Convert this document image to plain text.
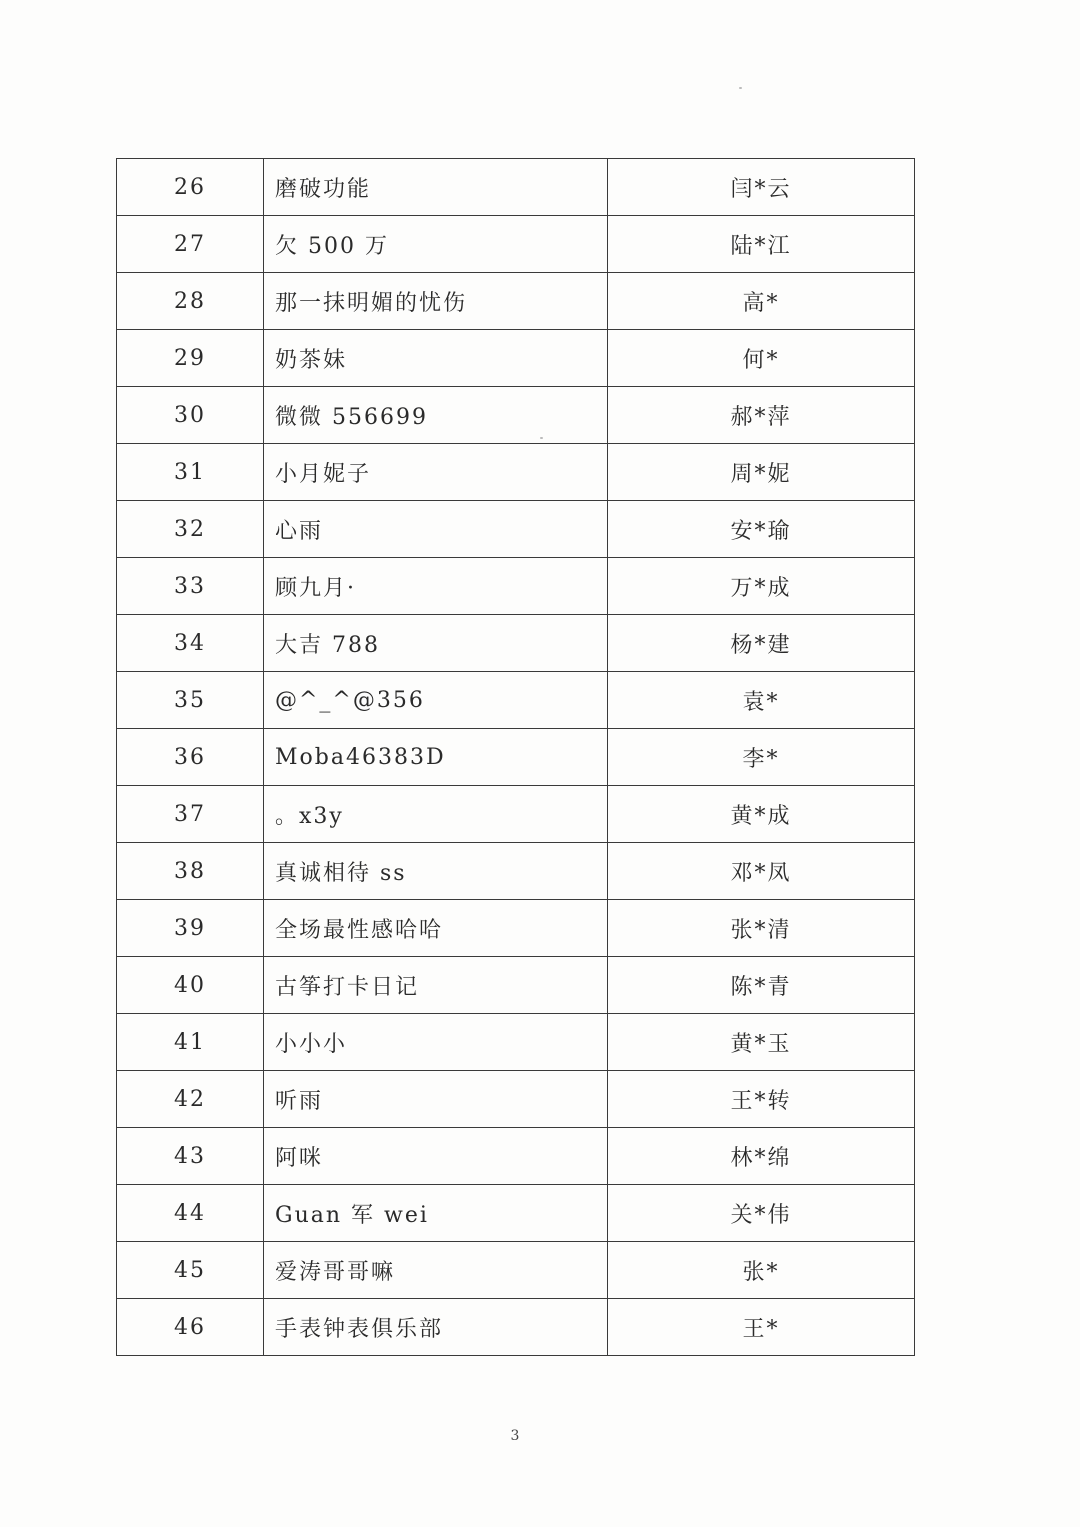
26	磨破功能	闫*云
27	欠 500 万	陆*江
28	那一抹明媚的忧伤	高*
29	奶茶妹	何*
30	微微 556699	郝*萍
31	小月妮子	周*妮
32	心雨	安*瑜
33	顾九月·	万*成
34	大吉 788	杨*建
35	@^_^@356	袁*
36	Moba46383D	李*
37	。x3y	黄*成
38	真诚相待 ss	邓*凤
39	全场最性感哈哈	张*清
40	古筝打卡日记	陈*青
41	小小小	黄*玉
42	听雨	王*转
43	阿咪	林*绵
44	Guan 军 wei	关*伟
45	爱涛哥哥嘛	张*
46	手表钟表俱乐部	王*
3
